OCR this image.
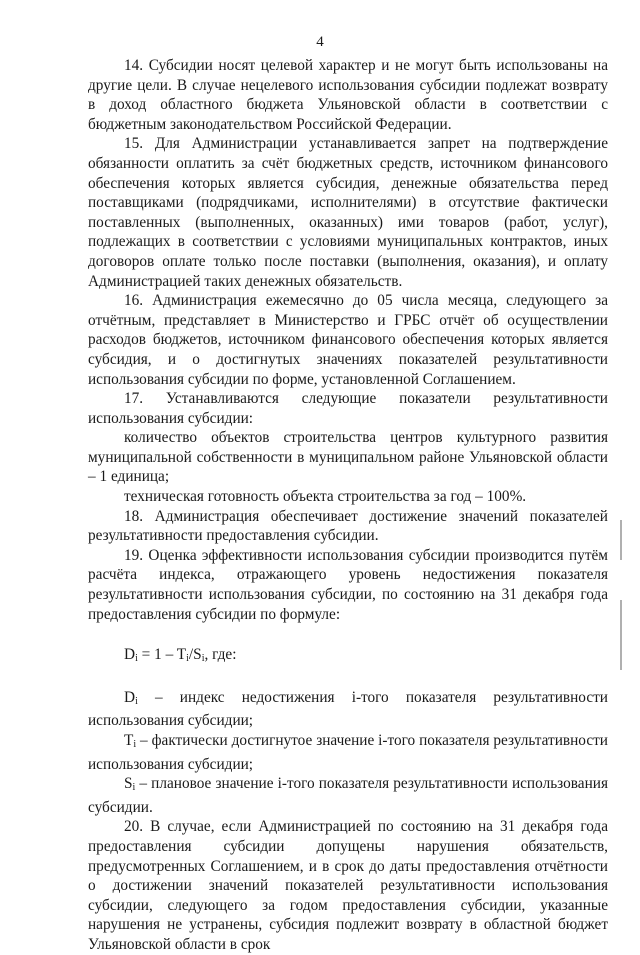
4

14. Субсидии носят целевой характер и не могут быть использованы на другие цели. В случае нецелевого использования субсидии подлежат возврату в доход областного бюджета Ульяновской области в соответствии с бюджетным законодательством Российской Федерации.

15. Для Администрации устанавливается запрет на подтверждение обязанности оплатить за счёт бюджетных средств, источником финансового обеспечения которых является субсидия, денежные обязательства перед поставщиками (подрядчиками, исполнителями) в отсутствие фактически поставленных (выполненных, оказанных) ими товаров (работ, услуг), подлежащих в соответствии с условиями муниципальных контрактов, иных договоров оплате только после поставки (выполнения, оказания), и оплату Администрацией таких денежных обязательств.

16. Администрация ежемесячно до 05 числа месяца, следующего за отчётным, представляет в Министерство и ГРБС отчёт об осуществлении расходов бюджетов, источником финансового обеспечения которых является субсидия, и о достигнутых значениях показателей результативности использования субсидии по форме, установленной Соглашением.

17. Устанавливаются следующие показатели результативности использования субсидии:

количество объектов строительства центров культурного развития муниципальной собственности в муниципальном районе Ульяновской области – 1 единица;

техническая готовность объекта строительства за год – 100%.

18. Администрация обеспечивает достижение значений показателей результативности предоставления субсидии.

19. Оценка эффективности использования субсидии производится путём расчёта индекса, отражающего уровень недостижения показателя результативности использования субсидии, по состоянию на 31 декабря года предоставления субсидии по формуле:

$D_i = 1 - T_i/S_i$, где:

$D_i$ – индекс недостижения i-того показателя результативности использования субсидии;

$T_i$ – фактически достигнутое значение i-того показателя результативности использования субсидии;

$S_i$ – плановое значение i-того показателя результативности использования субсидии.

20. В случае, если Администрацией по состоянию на 31 декабря года предоставления субсидии допущены нарушения обязательств, предусмотренных Соглашением, и в срок до даты предоставления отчётности о достижении значений показателей результативности использования субсидии, следующего за годом предоставления субсидии, указанные нарушения не устранены, субсидия подлежит возврату в областной бюджет Ульяновской области в срок
